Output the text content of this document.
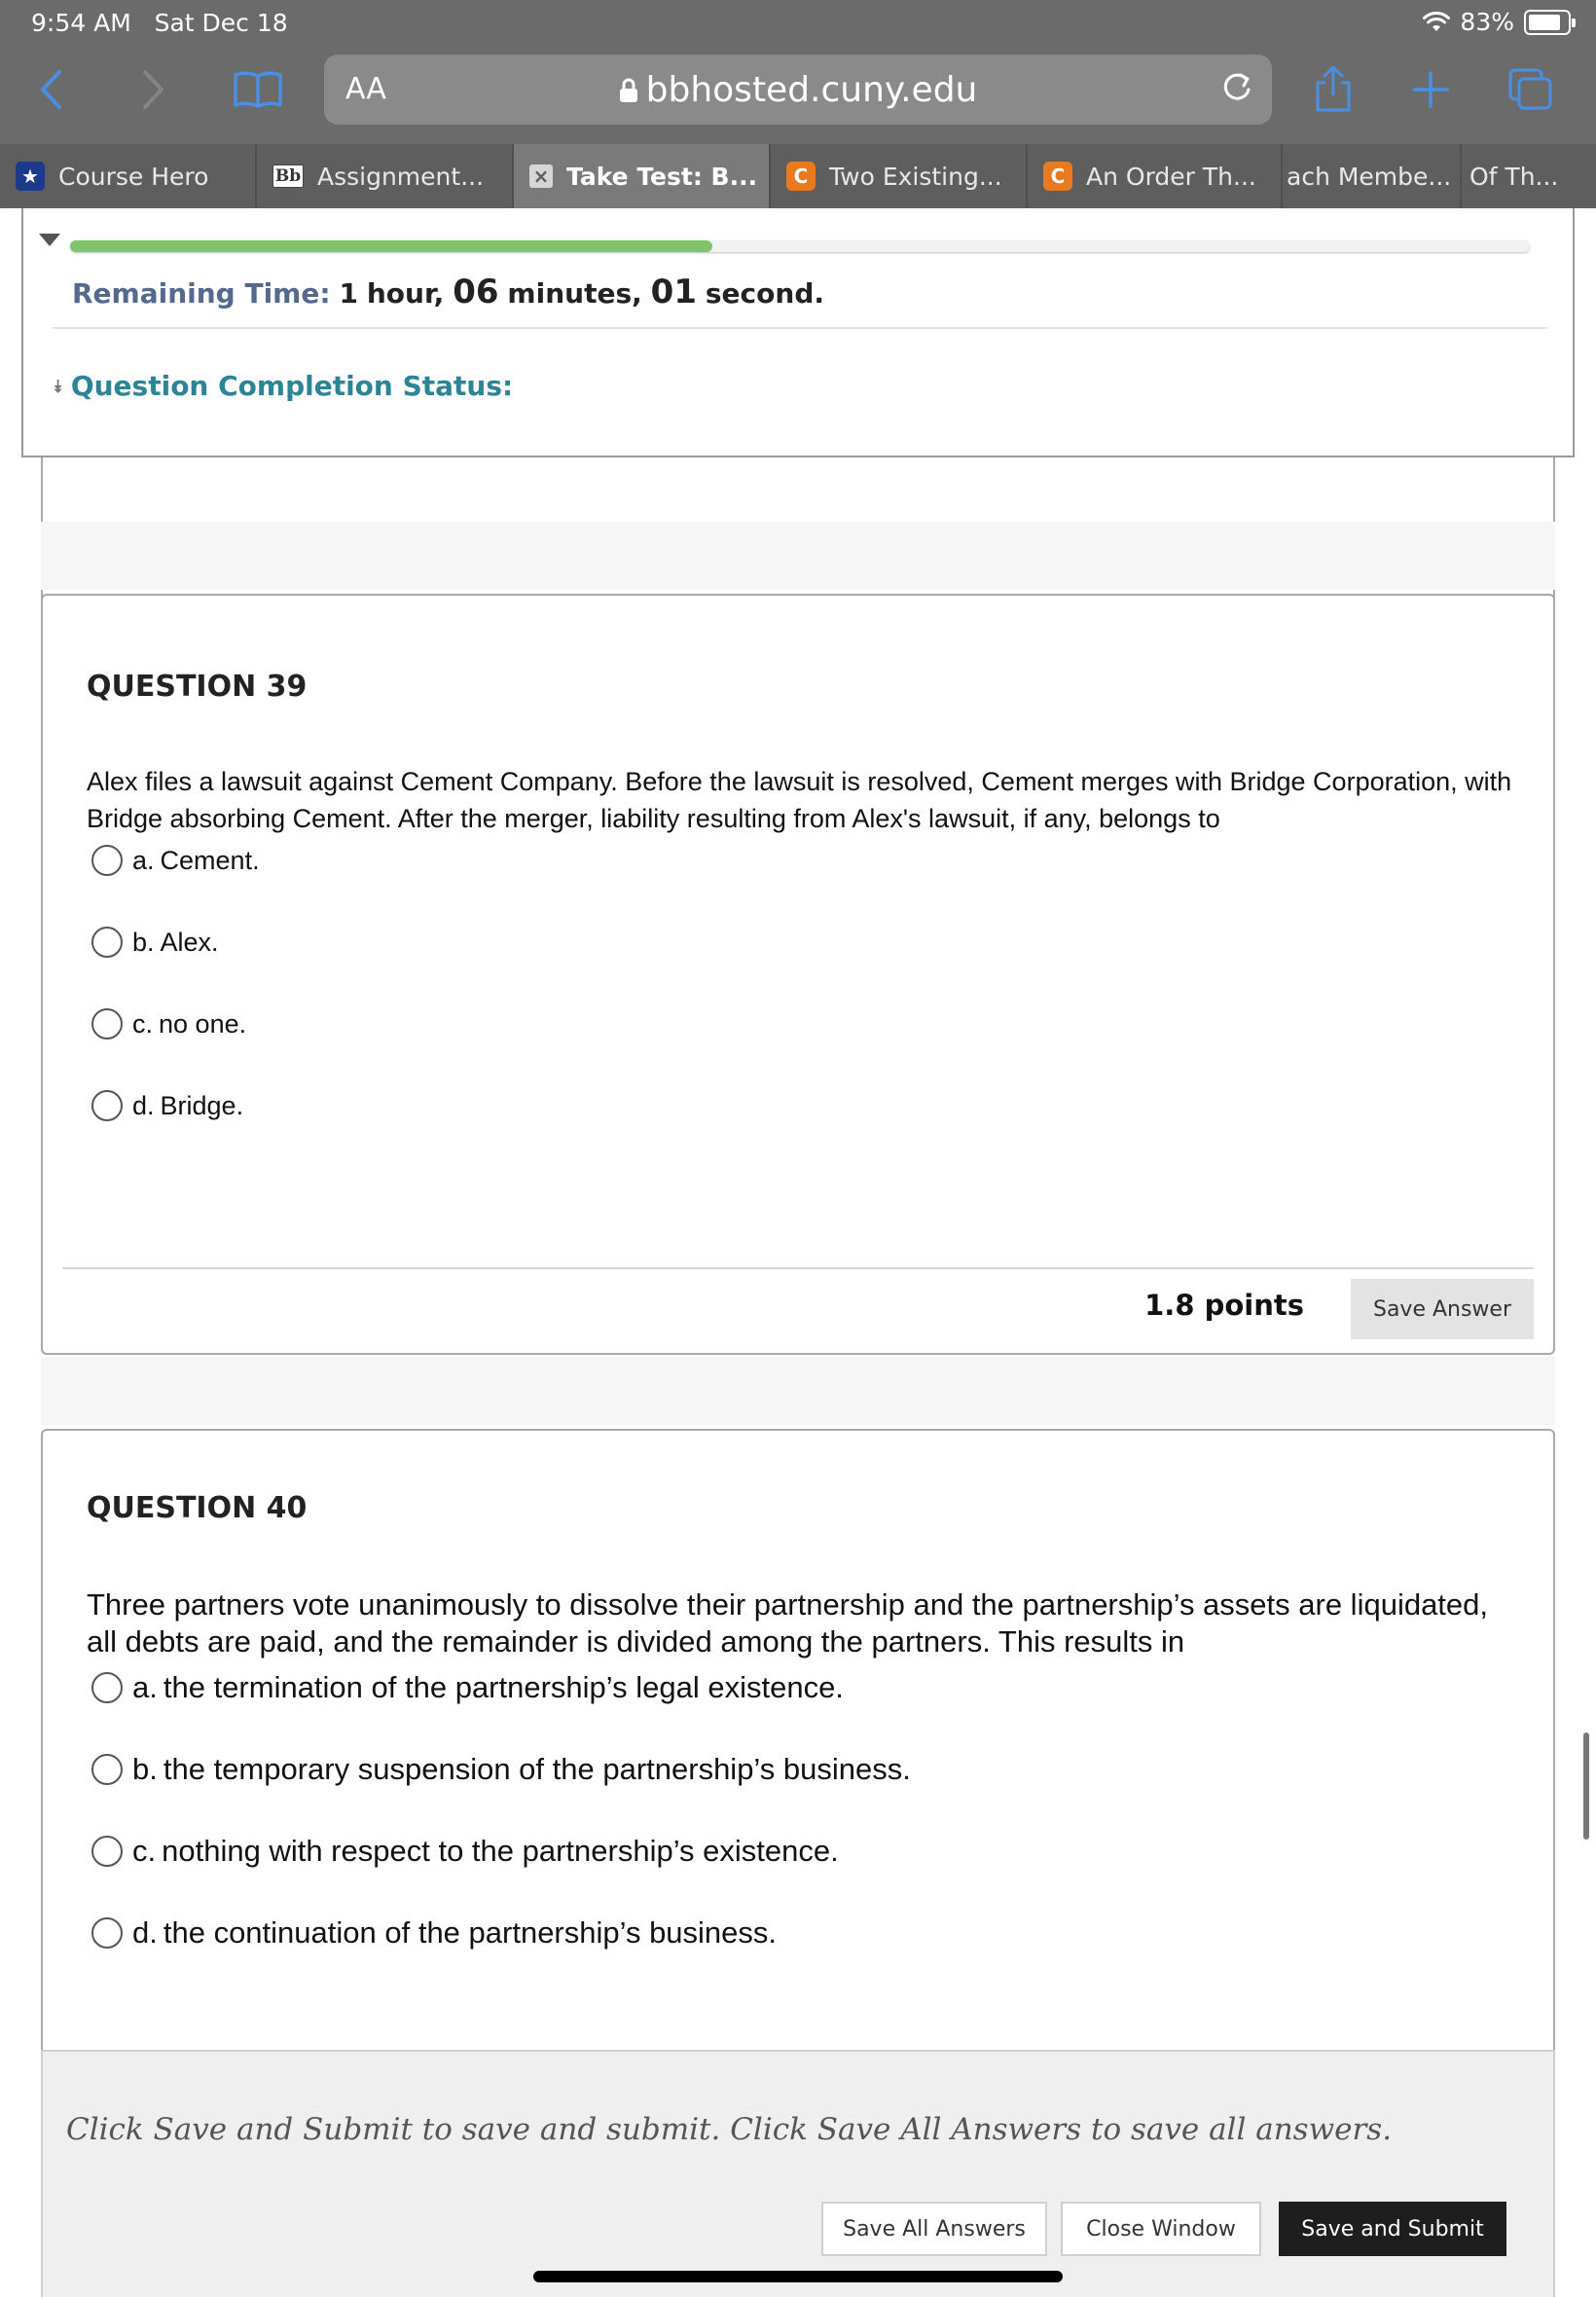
9:54 AM Sat Dec 18	83%
AA	bbhosted.cuny.edu
★ Course Hero	Bb Assignment...	× Take Test: B...	C Two Existing...	C An Order Th... ach Membe... Of Th...
Remaining Time: 1 hour, 06 minutes, 01 second.
⯯ Question Completion Status:
QUESTION 39
Alex files a lawsuit against Cement Company. Before the lawsuit is resolved, Cement merges with Bridge Corporation, with Bridge absorbing Cement. After the merger, liability resulting from Alex's lawsuit, if any, belongs to
a. Cement.
b. Alex.
c. no one.
d. Bridge.
1.8 points	Save Answer
QUESTION 40
Three partners vote unanimously to dissolve their partnership and the partnership’s assets are liquidated, all debts are paid, and the remainder is divided among the partners. This results in
a. the termination of the partnership’s legal existence.
b. the temporary suspension of the partnership’s business.
c. nothing with respect to the partnership’s existence.
d. the continuation of the partnership’s business.
Click Save and Submit to save and submit. Click Save All Answers to save all answers.
Save All Answers	Close Window	Save and Submit
